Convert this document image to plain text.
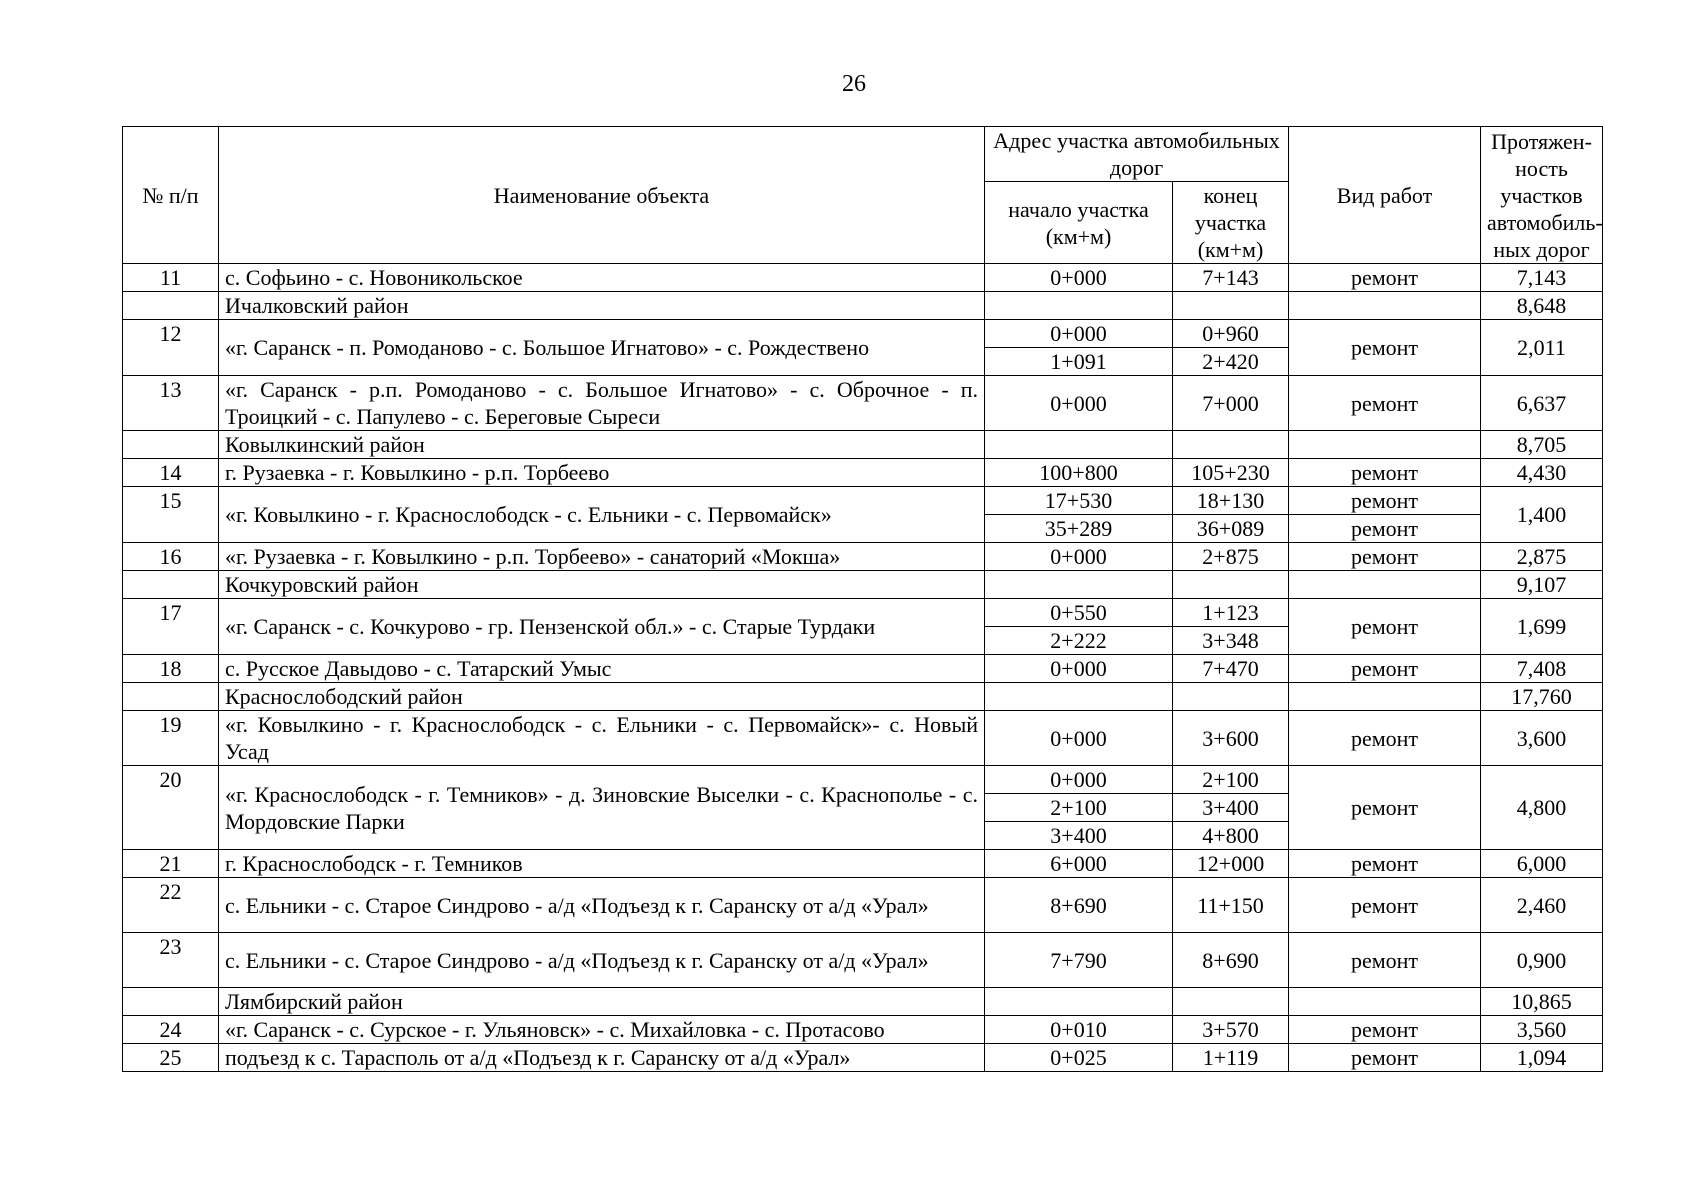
26
№ п/п	Наименование объекта	Адрес участка автомобильных дорог		Вид работ	Протяжен-ность участков автомобиль-ных дорог
		начало участка (км+м)	конец участка (км+м)		
11	с. Софьино - с. Новоникольское	0+000	7+143	ремонт	7,143
	Ичалковский район				8,648
12	«г. Саранск - п. Ромоданово - с. Большое Игнатово» - с. Рождествено	0+000	0+960	ремонт	2,011
		1+091	2+420		
13	«г. Саранск - р.п. Ромоданово - с. Большое Игнатово» - с. Оброчное - п. Троицкий - с. Папулево - с. Береговые Сыреси	0+000	7+000	ремонт	6,637
	Ковылкинский район				8,705
14	г. Рузаевка - г. Ковылкино - р.п. Торбеево	100+800	105+230	ремонт	4,430
15	«г. Ковылкино - г. Краснослободск - с. Ельники - с. Первомайск»	17+530	18+130	ремонт	1,400
		35+289	36+089	ремонт	
16	«г. Рузаевка - г. Ковылкино - р.п. Торбеево» - санаторий «Мокша»	0+000	2+875	ремонт	2,875
	Кочкуровский район				9,107
17	«г. Саранск - с. Кочкурово - гр. Пензенской обл.» - с. Старые Турдаки	0+550	1+123	ремонт	1,699
		2+222	3+348		
18	с. Русское Давыдово - с. Татарский Умыс	0+000	7+470	ремонт	7,408
	Краснослободский район				17,760
19	«г. Ковылкино - г. Краснослободск - с. Ельники - с. Первомайск»- с. Новый Усад	0+000	3+600	ремонт	3,600
20	«г. Краснослободск - г. Темников» - д. Зиновские Выселки - с. Краснополье - с. Мордовские Парки	0+000	2+100	ремонт	4,800
		2+100	3+400		
		3+400	4+800		
21	г. Краснослободск - г. Темников	6+000	12+000	ремонт	6,000
22	с. Ельники - с. Старое Синдрово - а/д «Подъезд к г. Саранску от а/д «Урал»	8+690	11+150	ремонт	2,460
23	с. Ельники - с. Старое Синдрово - а/д «Подъезд к г. Саранску от а/д «Урал»	7+790	8+690	ремонт	0,900
	Лямбирский район				10,865
24	«г. Саранск - с. Сурское - г. Ульяновск» - с. Михайловка - с. Протасово	0+010	3+570	ремонт	3,560
25	подъезд к с. Тарасполь от а/д «Подъезд к г. Саранску от а/д «Урал»	0+025	1+119	ремонт	1,094
